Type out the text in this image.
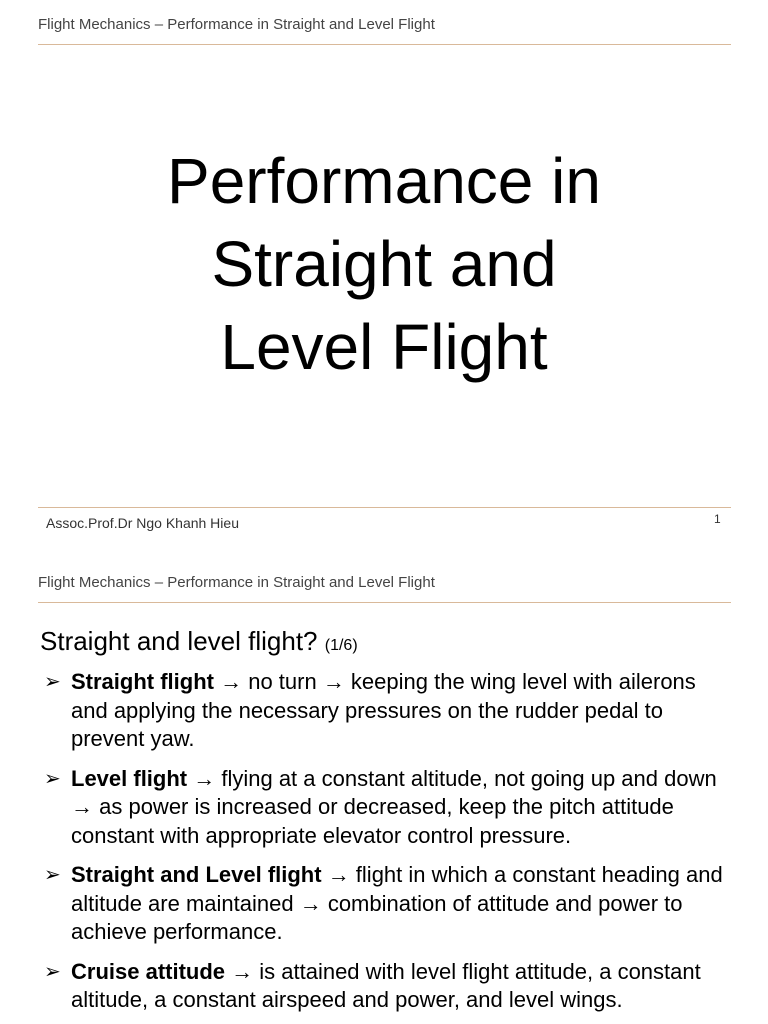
Flight Mechanics – Performance in Straight and Level Flight
Performance in
Straight and
Level Flight
Assoc.Prof.Dr Ngo Khanh Hieu	1
Flight Mechanics – Performance in Straight and Level Flight
Straight and level flight? (1/6)
➢ Straight flight → no turn → keeping the wing level with ailerons and applying the necessary pressures on the rudder pedal to prevent yaw.
➢ Level flight → flying at a constant altitude, not going up and down → as power is increased or decreased, keep the pitch attitude constant with appropriate elevator control pressure.
➢ Straight and Level flight → flight in which a constant heading and altitude are maintained → combination of attitude and power to achieve performance.
➢ Cruise attitude → is attained with level flight attitude, a constant altitude, a constant airspeed and power, and level wings.
